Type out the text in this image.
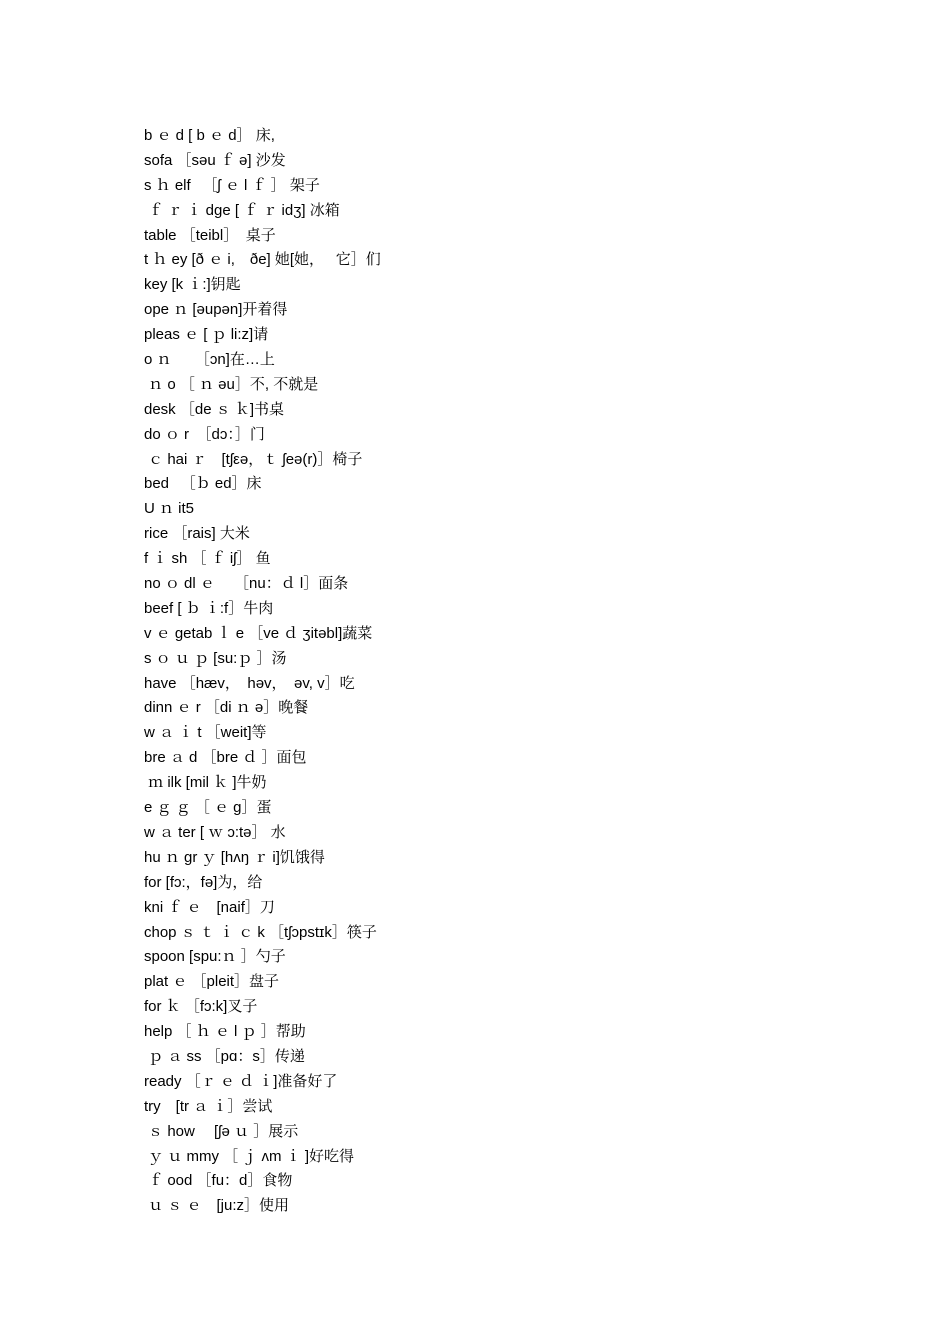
b ｅ d [ b ｅ d］ 床,
sofa ［səu ｆ ə] 沙发
s ｈ elf 　［ʃ ｅ l ｆ ］ 架子
ｆ ｒ ｉ dge [ ｆ ｒ idʒ] 冰箱
table ［teibl］　桌子
t ｈ ey [ð ｅ i,　ðe] 她[她，　 它］们
key [k ｉ:]钥匙
ope ｎ [əupən]开着得
pleas ｅ [ ｐ li:z]请
o ｎ 　 ［ɔn]在…上
ｎ o ［ ｎ əu］不, 不就是
desk ［de ｓ ｋ]书桌
do ｏ r　［dɔ：］门
ｃ hai ｒ　[tʃεə，ｔ ʃeə(r)］椅子
bed 　［ｂ ed］床
U ｎ it5
rice ［rais] 大米
f ｉ sh ［ ｆ iʃ］ 鱼
no ｏ dl ｅ　 ［nu：ｄ l］面条
beef [ ｂ ｉ:f］牛肉
v ｅ getab ｌ e ［ve ｄ ʒitəbl]蔬菜
s ｏ ｕ ｐ [su:ｐ ］汤
have ［hæv，　hәv，　әv, v］吃
dinn ｅ r ［di ｎ ə］晚餐
w ａ ｉ t ［weit]等
bre ａ d ［bre ｄ ］面包
ｍ ilk [mil ｋ ]牛奶
e ｇ ｇ ［ ｅ ɡ］蛋
w ａ ter [ ｗ ɔ:tə］ 水
hu ｎ gr ｙ [hʌŋ ｒ i]饥饿得
for [fɔ:，fə]为，给
kni ｆ ｅ　[naif］刀
chop ｓ ｔ ｉ ｃ k ［tʃɔpstɪk］筷子
spoon [spu:ｎ ］勺子
plat ｅ ［pleit］盘子
for ｋ ［fɔ:k]叉子
help ［ ｈ ｅ l ｐ ］帮助
ｐ ａ ss ［pɑ：s］传递
ready ［ｒ ｅ ｄ ｉ]准备好了
try　[tr ａ ｉ］尝试
ｓ how　 [ʃə ｕ ］展示
ｙ ｕ mmy ［ ｊ ʌm ｉ ]好吃得
ｆ ood ［fu：d］食物
ｕ ｓ ｅ　[ju:z］使用
